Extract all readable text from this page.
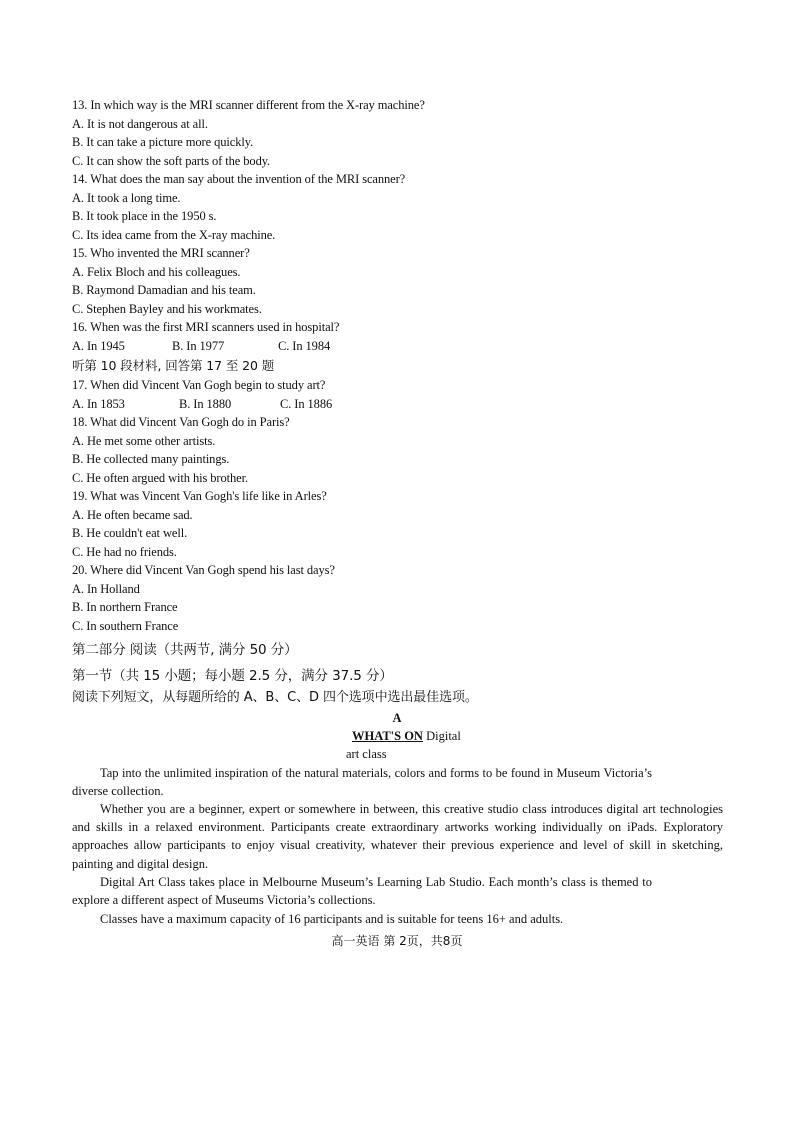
13. In which way is the MRI scanner different from the X-ray machine?
A. It is not dangerous at all.
B. It can take a picture more quickly.
C. It can show the soft parts of the body.
14. What does the man say about the invention of the MRI scanner?
A. It took a long time.
B. It took place in the 1950 s.
C. Its idea came from the X-ray machine.
15. Who invented the MRI scanner?
A. Felix Bloch and his colleagues.
B. Raymond Damadian and his team.
C. Stephen Bayley and his workmates.
16. When was the first MRI scanners used in hospital?
A. In 1945	B. In 1977	C. In 1984
听第 10 段材料, 回答第 17 至 20 题
17. When did Vincent Van Gogh begin to study art?
A. In 1853	B. In 1880	C. In 1886
18. What did Vincent Van Gogh do in Paris?
A. He met some other artists.
B. He collected many paintings.
C. He often argued with his brother.
19. What was Vincent Van Gogh's life like in Arles?
A. He often became sad.
B. He couldn't eat well.
C. He had no friends.
20. Where did Vincent Van Gogh spend his last days?
A. In Holland
B. In northern France
C. In southern France
第二部分 阅读（共两节, 满分 50 分）
第一节（共 15 小题；每小题 2.5 分，满分 37.5 分）
阅读下列短文，从每题所给的 A、B、C、D 四个选项中选出最佳选项。
A
WHAT'S ON Digital
art class
Tap into the unlimited inspiration of the natural materials, colors and forms to be found in Museum Victoria’s diverse collection.
Whether you are a beginner, expert or somewhere in between, this creative studio class introduces digital art technologies and skills in a relaxed environment. Participants create extraordinary artworks working individually on iPads. Exploratory approaches allow participants to enjoy visual creativity, whatever their previous experience and level of skill in sketching, painting and digital design.
Digital Art Class takes place in Melbourne Museum’s Learning Lab Studio. Each month’s class is themed to explore a different aspect of Museums Victoria’s collections.
Classes have a maximum capacity of 16 participants and is suitable for teens 16+ and adults.
高一英语 第 2页，共8页
